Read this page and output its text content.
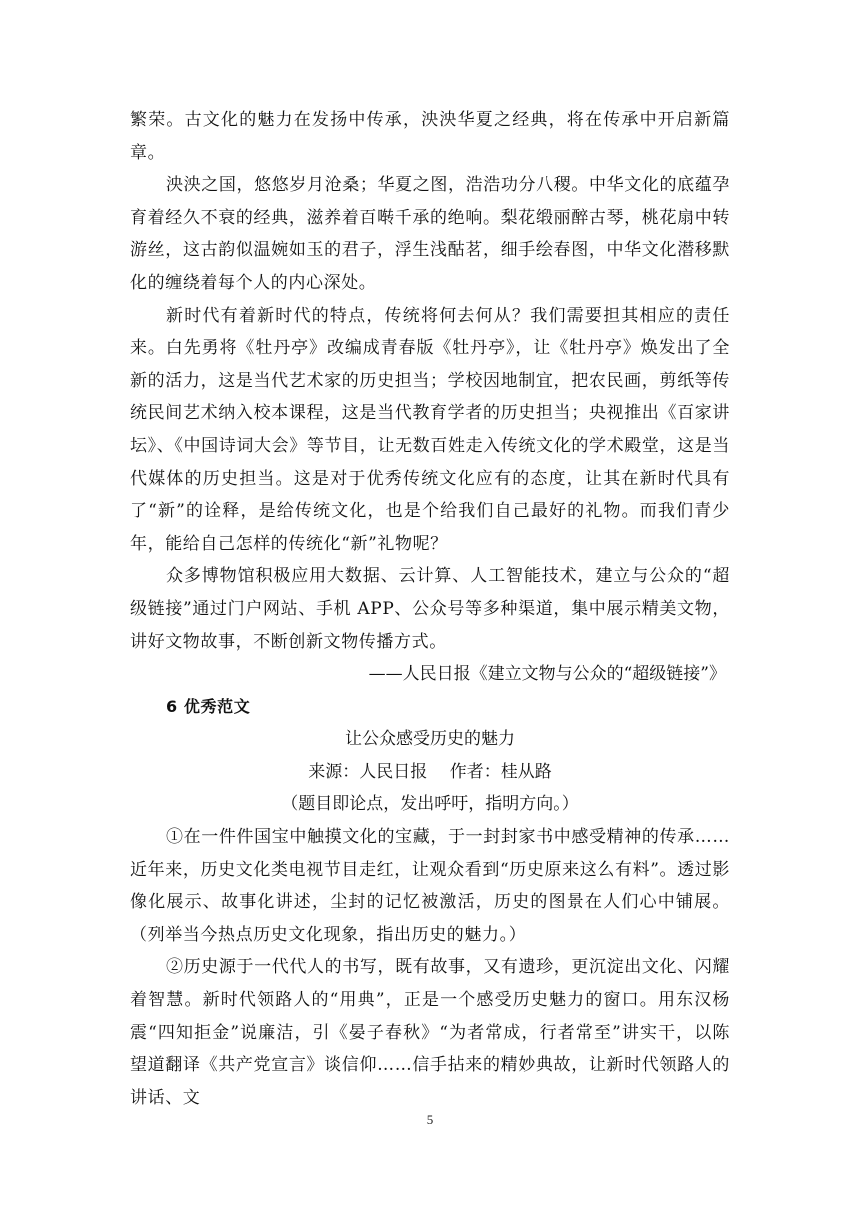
繁荣。古文化的魅力在发扬中传承，泱泱华夏之经典，将在传承中开启新篇章。

泱泱之国，悠悠岁月沧桑；华夏之图，浩浩功分八稷。中华文化的底蕴孕育着经久不衰的经典，滋养着百啭千承的绝响。梨花缎丽醉古琴，桃花扇中转游丝，这古韵似温婉如玉的君子，浮生浅酤茗，细手绘春图，中华文化潜移默化的缠绕着每个人的内心深处。

新时代有着新时代的特点，传统将何去何从？我们需要担其相应的责任来。白先勇将《牡丹亭》改编成青春版《牡丹亭》，让《牡丹亭》焕发出了全新的活力，这是当代艺术家的历史担当；学校因地制宜，把农民画，剪纸等传统民间艺术纳入校本课程，这是当代教育学者的历史担当；央视推出《百家讲坛》、《中国诗词大会》等节目，让无数百姓走入传统文化的学术殿堂，这是当代媒体的历史担当。这是对于优秀传统文化应有的态度，让其在新时代具有了“新”的诠释，是给传统文化，也是个给我们自己最好的礼物。而我们青少年，能给自己怎样的传统化“新”礼物呢？

众多博物馆积极应用大数据、云计算、人工智能技术，建立与公众的“超级链接”通过门户网站、手机 APP、公众号等多种渠道，集中展示精美文物，讲好文物故事，不断创新文物传播方式。

——人民日报《建立文物与公众的“超级链接”》

6 优秀范文

让公众感受历史的魅力

来源：人民日报　 作者：桂从路

（题目即论点，发出呼吁，指明方向。）

①在一件件国宝中触摸文化的宝藏，于一封封家书中感受精神的传承……近年来，历史文化类电视节目走红，让观众看到“历史原来这么有料”。透过影像化展示、故事化讲述，尘封的记忆被激活，历史的图景在人们心中铺展。（列举当今热点历史文化现象，指出历史的魅力。）

②历史源于一代代人的书写，既有故事，又有遗珍，更沉淀出文化、闪耀着智慧。新时代领路人的“用典”，正是一个感受历史魅力的窗口。用东汉杨震“四知拒金”说廉洁，引《晏子春秋》“为者常成，行者常至”讲实干，以陈望道翻译《共产党宣言》谈信仰……信手拈来的精妙典故，让新时代领路人的讲话、文

5
